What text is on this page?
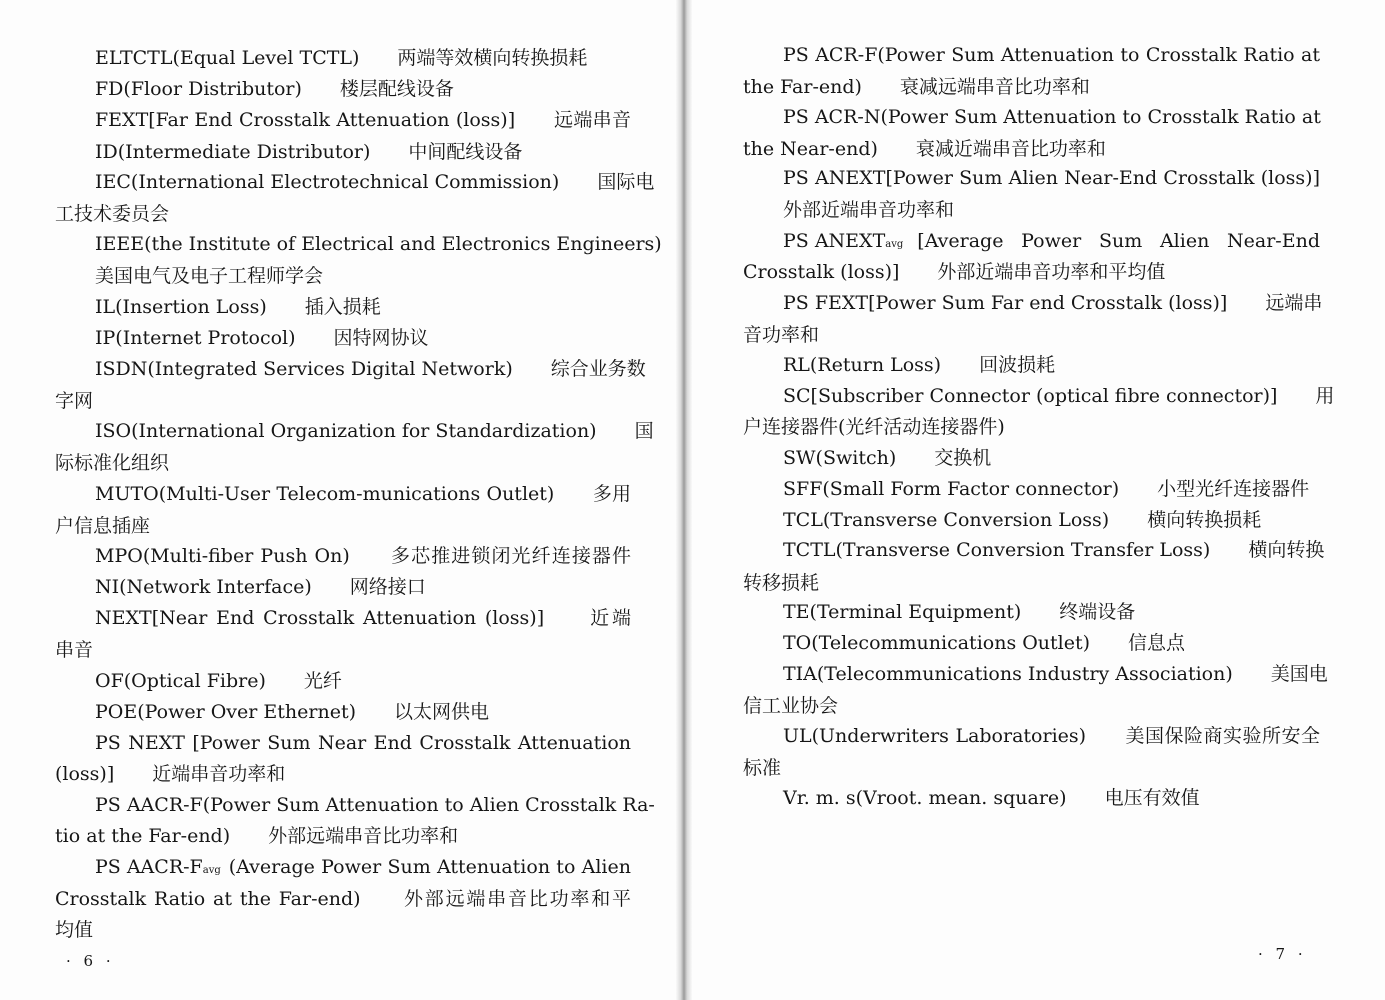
ELTCTL(Equal Level TCTL)　　两端等效横向转换损耗
FD(Floor Distributor)　　楼层配线设备
FEXT[Far End Crosstalk Attenuation (loss)]　　远端串音
ID(Intermediate Distributor)　　中间配线设备
IEC(International Electrotechnical Commission)　　国际电
工技术委员会
IEEE(the Institute of Electrical and Electronics Engineers)
美国电气及电子工程师学会
IL(Insertion Loss)　　插入损耗
IP(Internet Protocol)　　因特网协议
ISDN(Integrated Services Digital Network)　　综合业务数
字网
ISO(International Organization for Standardization)　　国
际标准化组织
MUTO(Multi-User Telecom-munications Outlet)　　多用
户信息插座
MPO(Multi-fiber Push On)　　多芯推进锁闭光纤连接器件
NI(Network Interface)　　网络接口
NEXT[Near End Crosstalk Attenuation (loss)]　　近端
串音
OF(Optical Fibre)　　光纤
POE(Power Over Ethernet)　　以太网供电
PS NEXT [Power Sum Near End Crosstalk Attenuation
(loss)]　　近端串音功率和
PS AACR-F(Power Sum Attenuation to Alien Crosstalk Ra-
tio at the Far-end)　　外部远端串音比功率和
PS AACR-F avg (Average Power Sum Attenuation to Alien
Crosstalk Ratio at the Far-end)　　外部远端串音比功率和平
均值
· 6 ·
PS ACR-F(Power Sum Attenuation to Crosstalk Ratio at
the Far-end)　　衰减远端串音比功率和
PS ACR-N(Power Sum Attenuation to Crosstalk Ratio at
the Near-end)　　衰减近端串音比功率和
PS ANEXT[Power Sum Alien Near-End Crosstalk (loss)]
外部近端串音功率和
PS ANEXT avg [Average Power Sum Alien Near-End
Crosstalk (loss)]　　外部近端串音功率和平均值
PS FEXT[Power Sum Far end Crosstalk (loss)]　　远端串
音功率和
RL(Return Loss)　　回波损耗
SC[Subscriber Connector (optical fibre connector)]　　用
户连接器件(光纤活动连接器件)
SW(Switch)　　交换机
SFF(Small Form Factor connector)　　小型光纤连接器件
TCL(Transverse Conversion Loss)　　横向转换损耗
TCTL(Transverse Conversion Transfer Loss)　　横向转换
转移损耗
TE(Terminal Equipment)　　终端设备
TO(Telecommunications Outlet)　　信息点
TIA(Telecommunications Industry Association)　　美国电
信工业协会
UL(Underwriters Laboratories)　　美国保险商实验所安全
标准
Vr. m. s(Vroot. mean. square)　　电压有效值
· 7 ·
